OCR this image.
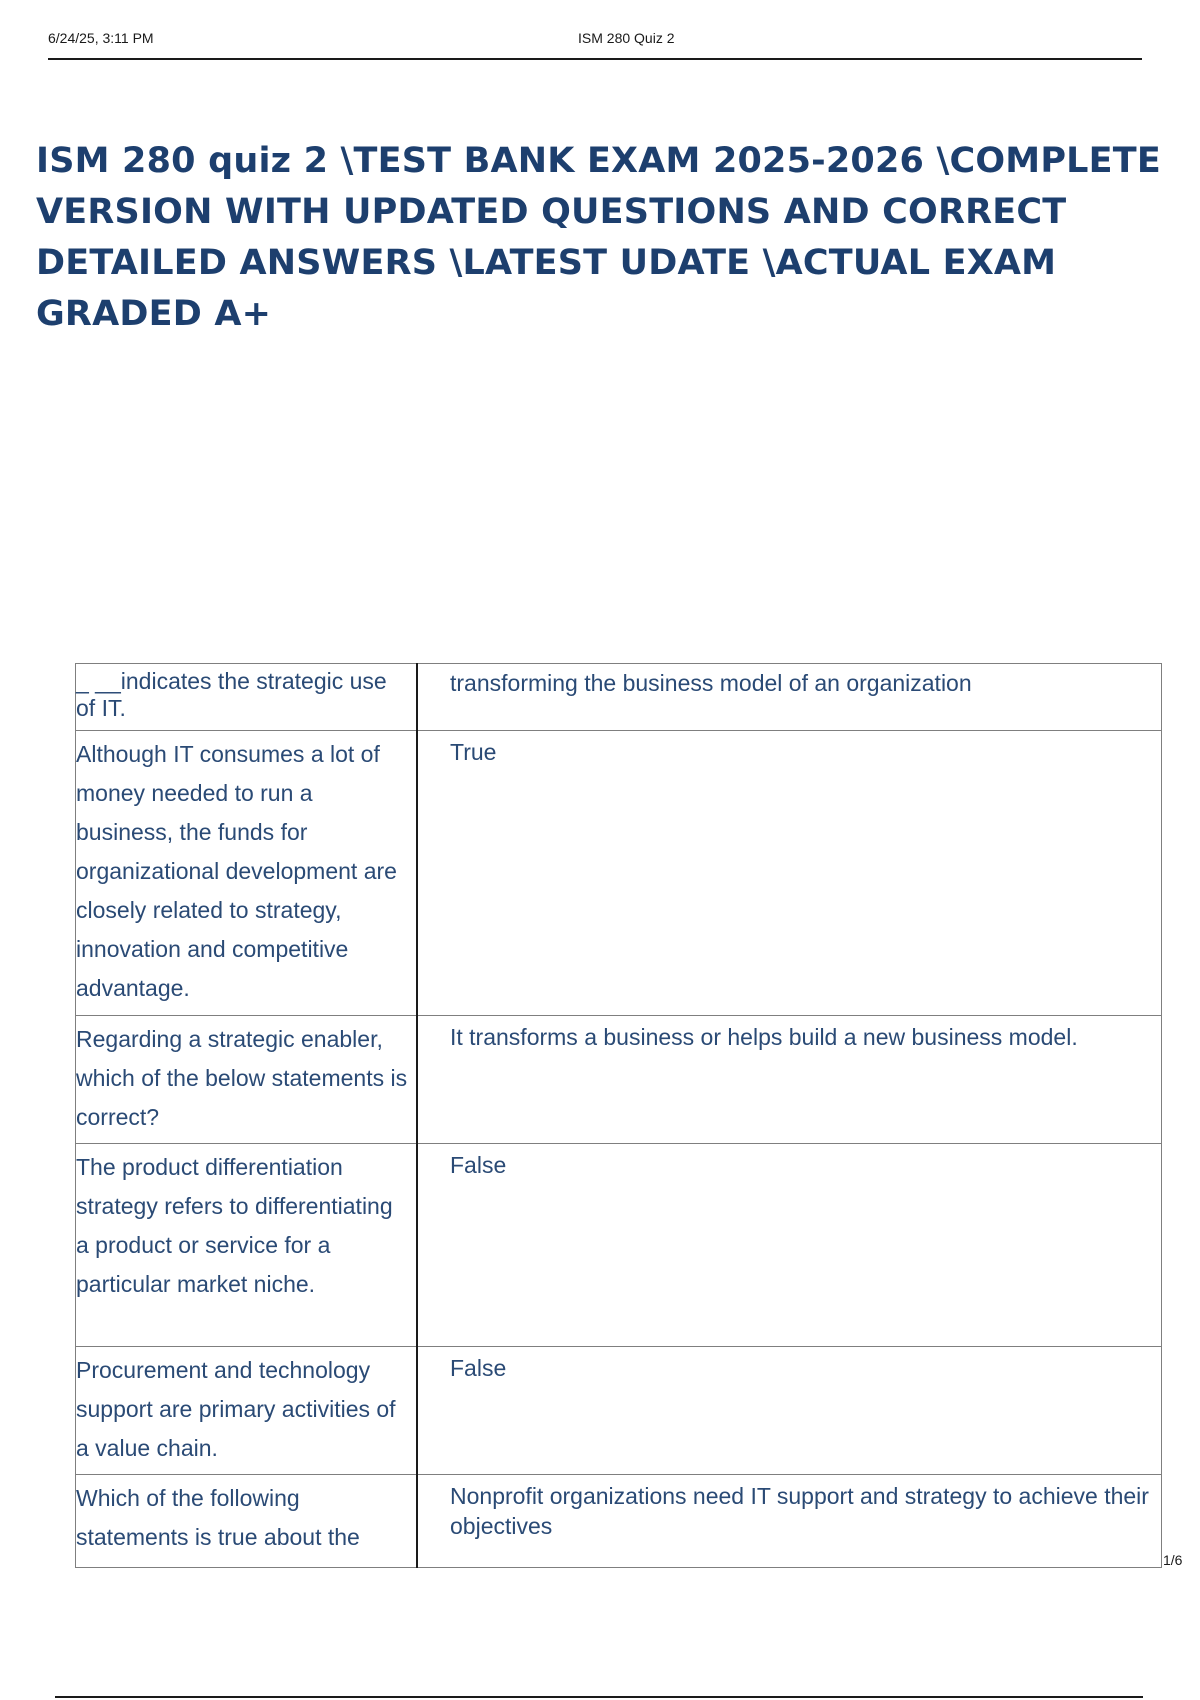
6/24/25, 3:11 PM	ISM 280 Quiz 2
ISM 280 quiz 2 \TEST BANK EXAM 2025-2026 \COMPLETE VERSION WITH UPDATED QUESTIONS AND CORRECT DETAILED ANSWERS \LATEST UDATE \ACTUAL EXAM GRADED A+
_ __indicates the strategic use of IT.	transforming the business model of an organization
Although IT consumes a lot of money needed to run a business, the funds for organizational development are closely related to strategy, innovation and competitive advantage.	True
Regarding a strategic enabler, which of the below statements is correct?	It transforms a business or helps build a new business model.
The product differentiation strategy refers to differentiating a product or service for a particular market niche.	False
Procurement and technology support are primary activities of a value chain.	False
Which of the following statements is true about the	Nonprofit organizations need IT support and strategy to achieve their objectives
1/6
